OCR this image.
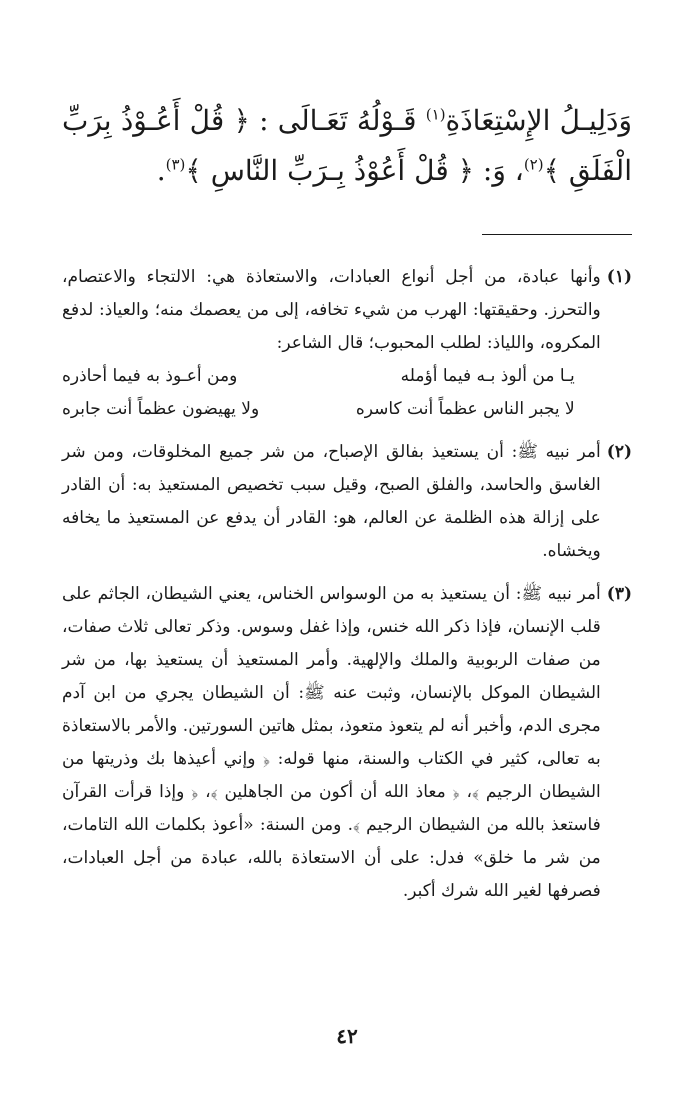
وَدَلِيـلُ الإِسْتِعَاذَةِ$^{(١)}$ قَـوْلُهُ تَعَـالَى : ﴿ قُلْ أَعُـوْذُ بِرَبِّ الْفَلَقِ ﴾$^{(٢)}$، وَ: ﴿ قُلْ أَعُوْذُ بِـرَبِّ النَّاسِ ﴾$^{(٣)}$.

(١)

وأنها عبادة، من أجل أنواع العبادات، والاستعاذة هي: الالتجاء والاعتصام، والتحرز. وحقيقتها: الهرب من شيء تخافه، إلى من يعصمك منه؛ والعياذ: لدفع المكروه، واللياذ: لطلب المحبوب؛ قال الشاعر:

يـا من ألوذ بـه فيما أؤمله
ومن أعـوذ به فيما أحاذره
لا يجبر الناس عظماً أنت كاسره
ولا يهيضون عظماً أنت جابره
(٢)

أمر نبيه ﷺ: أن يستعيذ بفالق الإصباح، من شر جميع المخلوقات، ومن شر الغاسق والحاسد، والفلق الصبح، وقيل سبب تخصيص المستعيذ به: أن القادر على إزالة هذه الظلمة عن العالم، هو: القادر أن يدفع عن المستعيذ ما يخافه ويخشاه.

(٣)

أمر نبيه ﷺ: أن يستعيذ به من الوسواس الخناس، يعني الشيطان، الجاثم على قلب الإنسان، فإذا ذكر الله خنس، وإذا غفل وسوس. وذكر تعالى ثلاث صفات، من صفات الربوبية والملك والإلهية. وأمر المستعيذ أن يستعيذ بها، من شر الشيطان الموكل بالإنسان، وثبت عنه ﷺ: أن الشيطان يجري من ابن آدم مجرى الدم، وأخبر أنه لم يتعوذ متعوذ، بمثل هاتين السورتين. والأمر بالاستعاذة به تعالى، كثير في الكتاب والسنة، منها قوله: ﴿ وإني أعيذها بك وذريتها من الشيطان الرجيم ﴾، ﴿ معاذ الله أن أكون من الجاهلين ﴾، ﴿ وإذا قرأت القرآن فاستعذ بالله من الشيطان الرجيم ﴾. ومن السنة: «أعوذ بكلمات الله التامات، من شر ما خلق» فدل: على أن الاستعاذة بالله، عبادة من أجل العبادات، فصرفها لغير الله شرك أكبر.

٤٢
